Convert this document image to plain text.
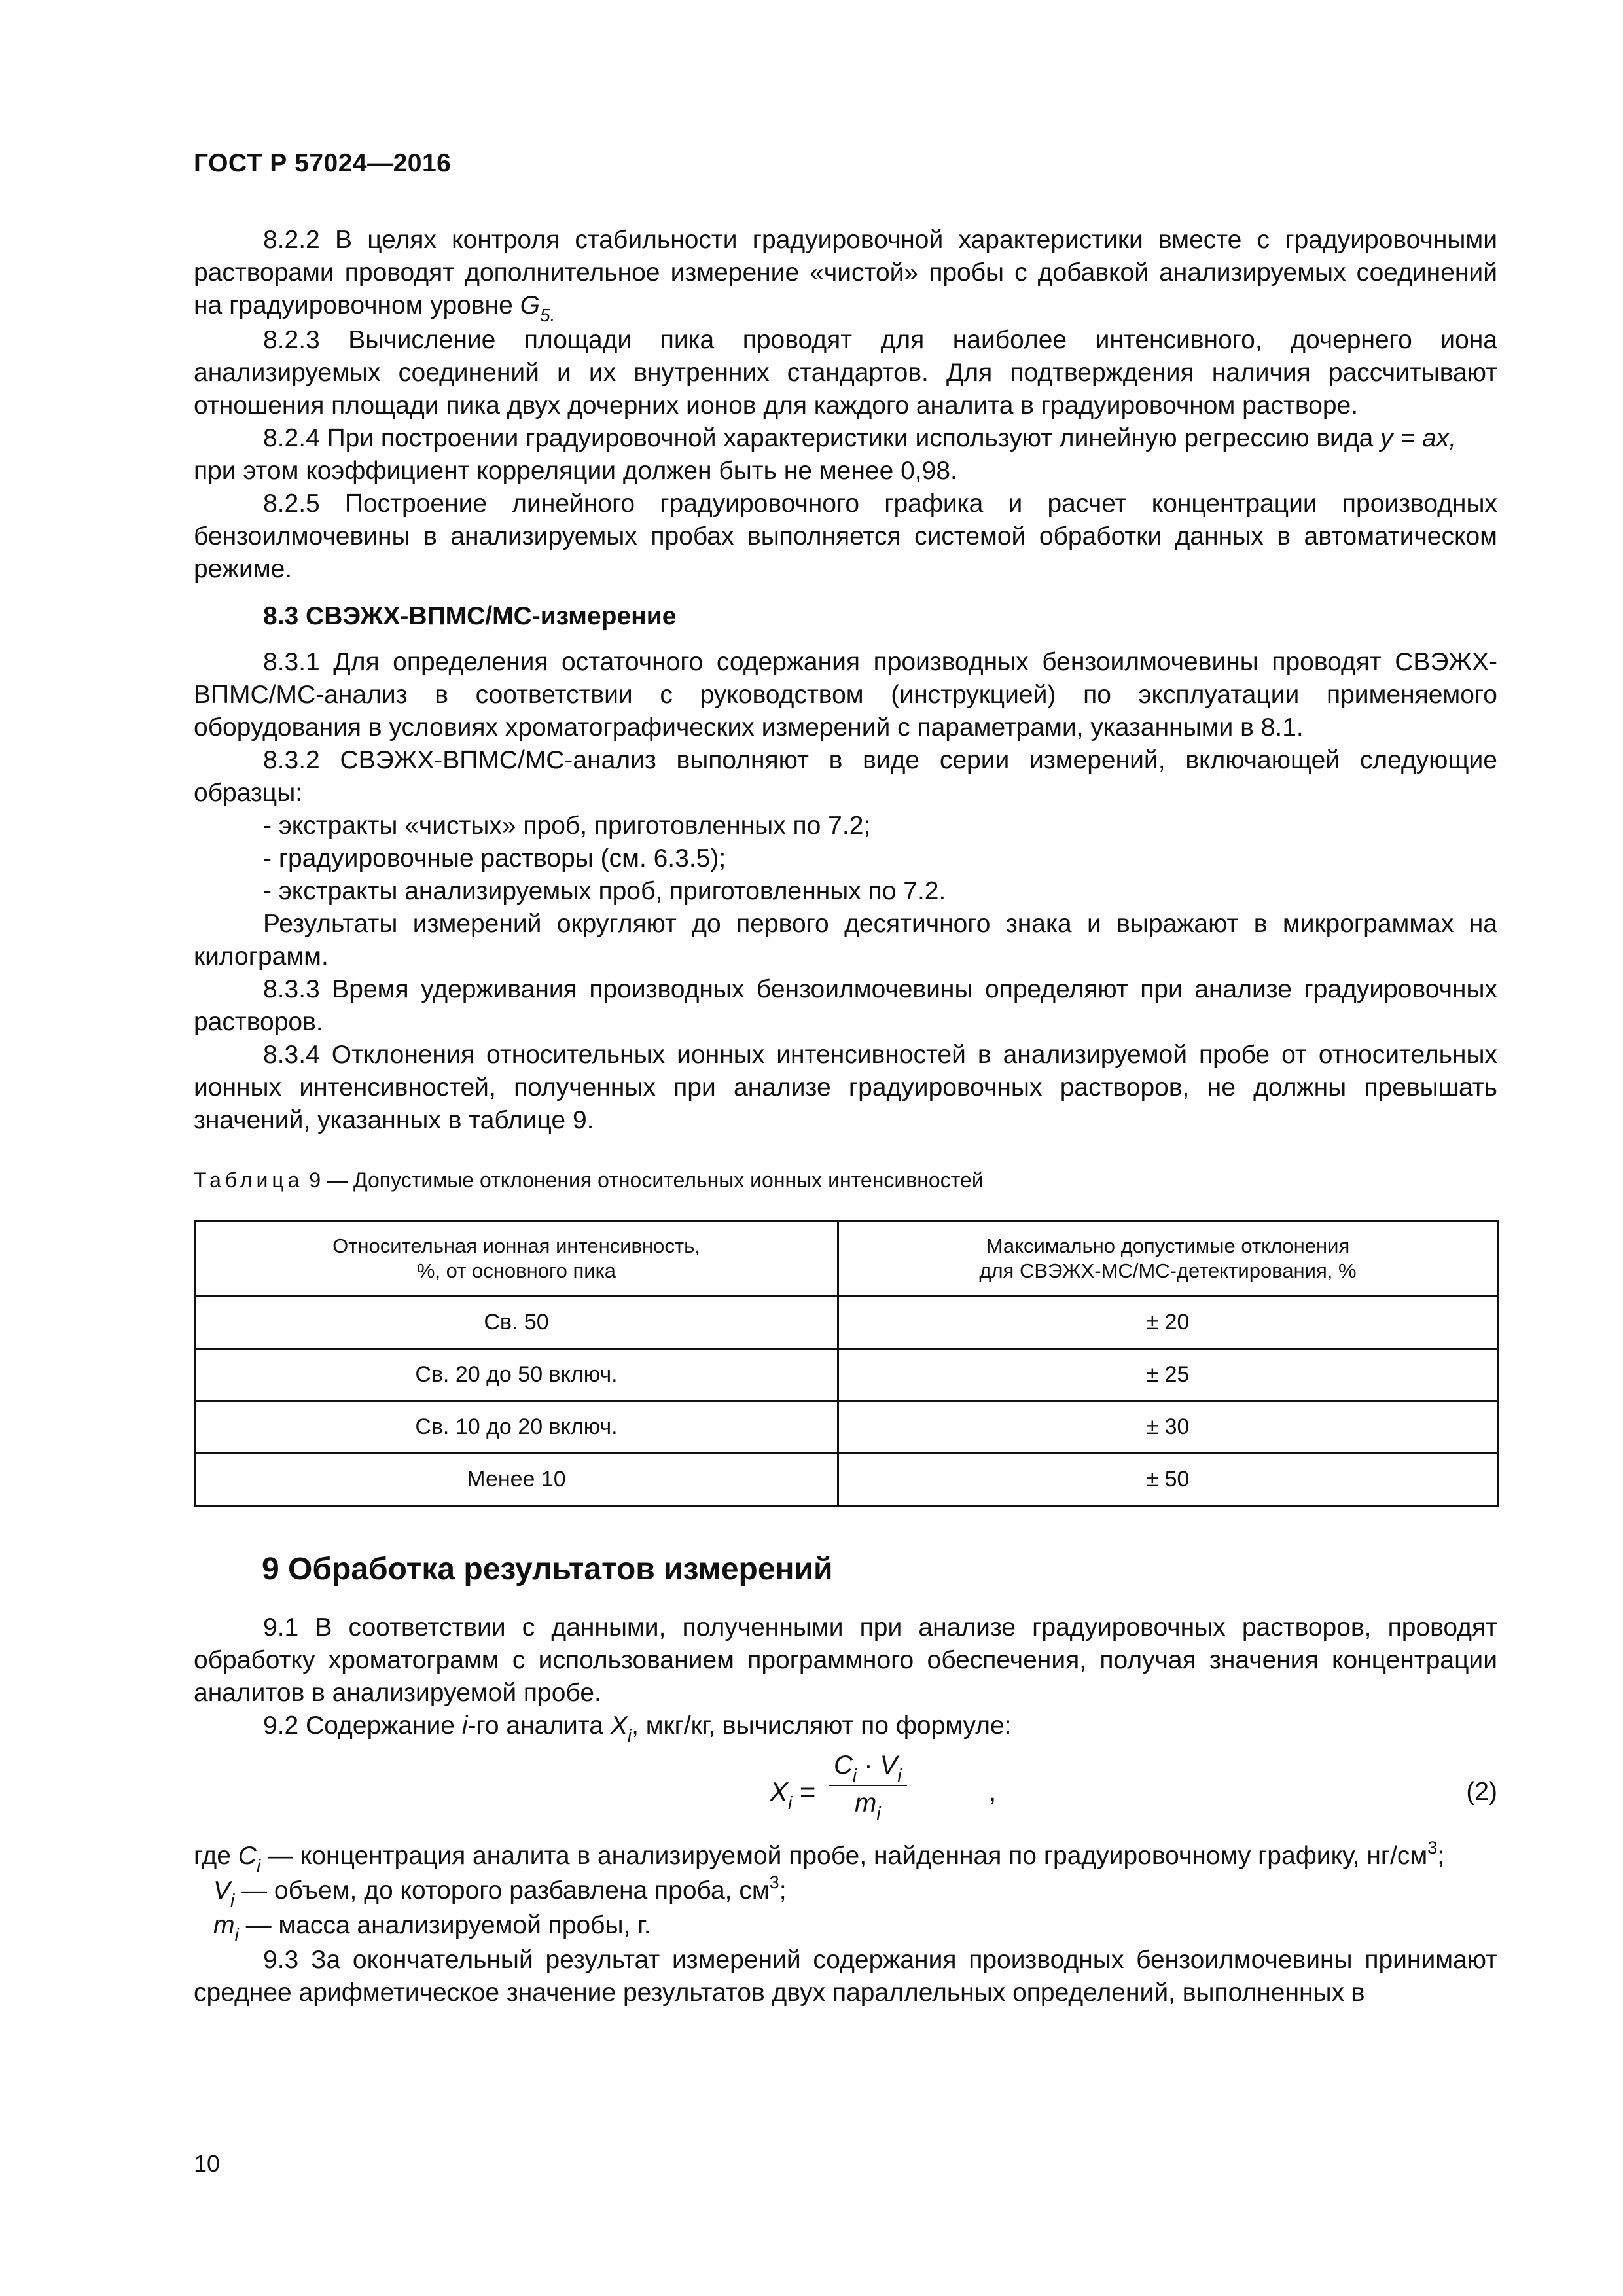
ГОСТ Р 57024—2016

8.2.2 В целях контроля стабильности градуировочной характеристики вместе с градуировочными растворами проводят дополнительное измерение «чистой» пробы с добавкой анализируемых соединений на градуировочном уровне $G_{5.}$

8.2.3 Вычисление площади пика проводят для наиболее интенсивного, дочернего иона анализируемых соединений и их внутренних стандартов. Для подтверждения наличия рассчитывают отношения площади пика двух дочерних ионов для каждого аналита в градуировочном растворе.

8.2.4 При построении градуировочной характеристики используют линейную регрессию вида y = ax,
при этом коэффициент корреляции должен быть не менее 0,98.

8.2.5 Построение линейного градуировочного графика и расчет концентрации производных бензоилмочевины в анализируемых пробах выполняется системой обработки данных в автоматическом режиме.

8.3 СВЭЖХ-ВПМС/МС-измерение

8.3.1 Для определения остаточного содержания производных бензоилмочевины проводят СВЭЖХ-ВПМС/МС-анализ в соответствии с руководством (инструкцией) по эксплуатации применяемого оборудования в условиях хроматографических измерений с параметрами, указанными в 8.1.

8.3.2 СВЭЖХ-ВПМС/МС-анализ выполняют в виде серии измерений, включающей следующие образцы:

- экстракты «чистых» проб, приготовленных по 7.2;

- градуировочные растворы (см. 6.3.5);

- экстракты анализируемых проб, приготовленных по 7.2.

Результаты измерений округляют до первого десятичного знака и выражают в микрограммах на килограмм.

8.3.3 Время удерживания производных бензоилмочевины определяют при анализе градуировочных растворов.

8.3.4 Отклонения относительных ионных интенсивностей в анализируемой пробе от относительных ионных интенсивностей, полученных при анализе градуировочных растворов, не должны превышать значений, указанных в таблице 9.

Таблица 9 — Допустимые отклонения относительных ионных интенсивностей
Относительная ионная интенсивность,
%, от основного пика	Максимально допустимые отклонения
для СВЭЖХ-МС/МС-детектирования, %
Св. 50	± 20
Св. 20 до 50 включ.	± 25
Св. 10 до 20 включ.	± 30
Менее 10	± 50
9 Обработка результатов измерений

9.1 В соответствии с данными, полученными при анализе градуировочных растворов, проводят обработку хроматограмм с использованием программного обеспечения, получая значения концентрации аналитов в анализируемой пробе.

9.2 Содержание i-го аналита $X_i$, мкг/кг, вычисляют по формуле:

$X_i = \frac{C_i \cdot V_i}{m_i}$	,	(2)

где $C_i$ — концентрация аналита в анализируемой пробе, найденная по градуировочному графику, $нг/см^3$;

$V_i$ — объем, до которого разбавлена проба, $см^3$;

$m_i$ — масса анализируемой пробы, г.

9.3 За окончательный результат измерений содержания производных бензоилмочевины принимают среднее арифметическое значение результатов двух параллельных определений, выполненных в

10
